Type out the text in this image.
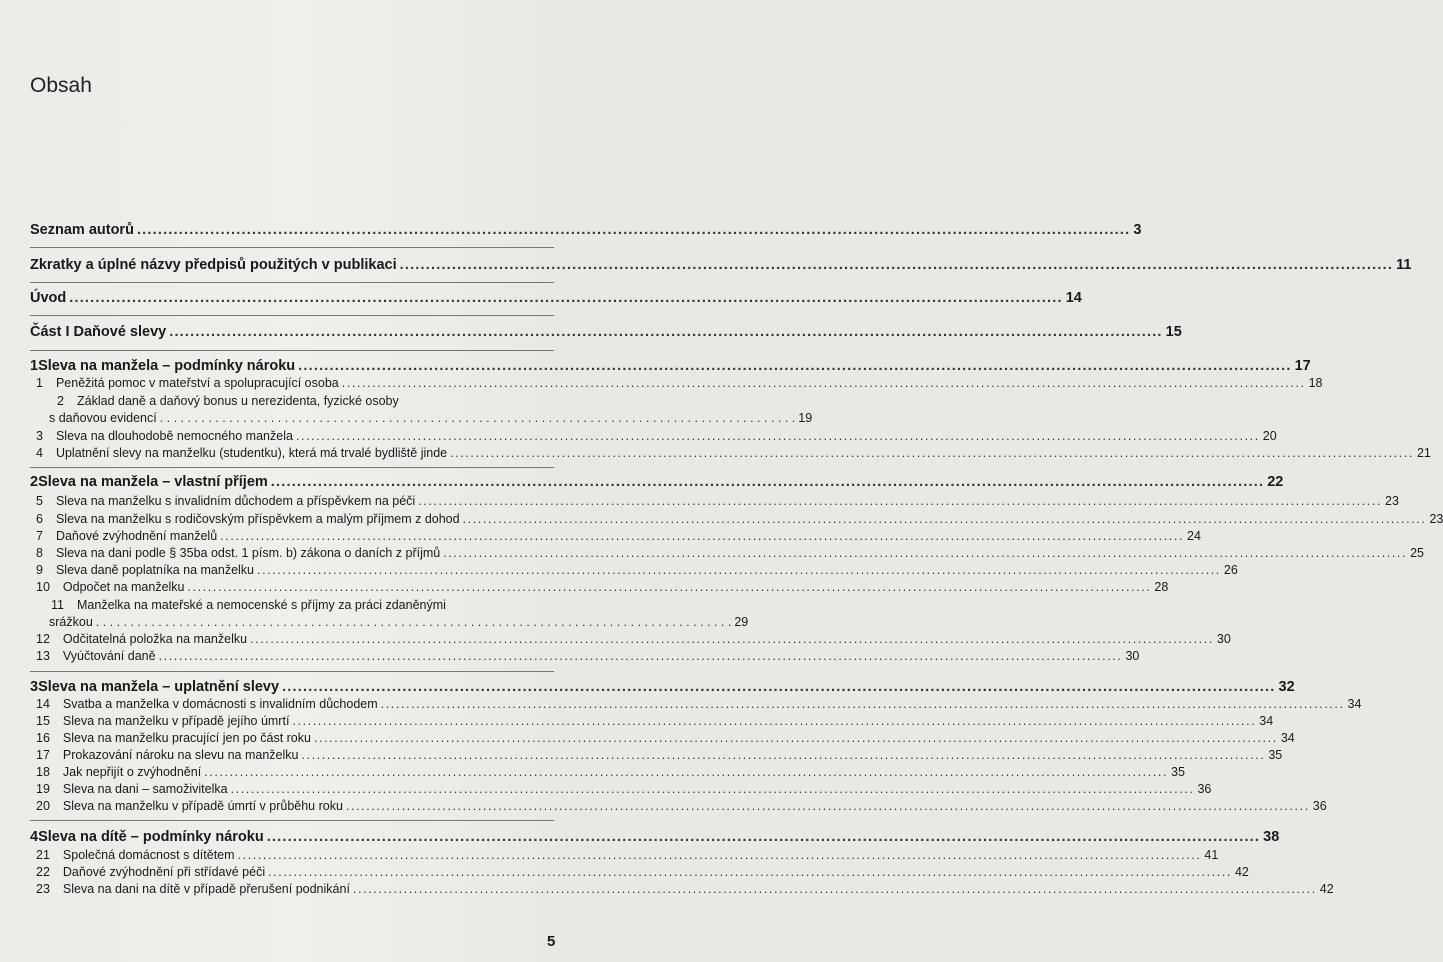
Obsah
Seznam autorů .....	3
Zkratky a úplné názvy předpisů použitých v publikaci .....	11
Úvod .....	14
Část I Daňové slevy .....	15
1 Sleva na manžela – podmínky nároku .....	17
1 Peněžitá pomoc v mateřství a spolupracující osoba .....	18
2 Základ daně a daňový bonus u nerezidenta, fyzické osoby
s daňovou evidencí . . .	19
3 Sleva na dlouhodobě nemocného manžela .....	20
4 Uplatnění slevy na manželku (studentku), která má trvalé bydliště jinde .....	21
2 Sleva na manžela – vlastní příjem .....	22
5 Sleva na manželku s invalidním důchodem a příspěvkem na péči .....	23
6 Sleva na manželku s rodičovským příspěvkem a malým příjmem z dohod .....	23
7 Daňové zvýhodnění manželů .....	24
8 Sleva na dani podle § 35ba odst. 1 písm. b) zákona o daních z příjmů .....	25
9 Sleva daně poplatníka na manželku .....	26
10 Odpočet na manželku .....	28
11 Manželka na mateřské a nemocenské s příjmy za práci zdaněnými
srážkou . . .	29
12 Odčitatelná položka na manželku .....	30
13 Vyúčtování daně .....	30
3 Sleva na manžela – uplatnění slevy .....	32
14 Svatba a manželka v domácnosti s invalidním důchodem .....	34
15 Sleva na manželku v případě jejího úmrtí .....	34
16 Sleva na manželku pracující jen po část roku .....	34
17 Prokazování nároku na slevu na manželku .....	35
18 Jak nepřijít o zvýhodnění .....	35
19 Sleva na dani – samoživitelka .....	36
20 Sleva na manželku v případě úmrtí v průběhu roku .....	36
4 Sleva na dítě – podmínky nároku .....	38
21 Společná domácnost s dítětem .....	41
22 Daňové zvýhodnění při střídavé péči .....	42
23 Sleva na dani na dítě v případě přerušení podnikání .....	42
5
